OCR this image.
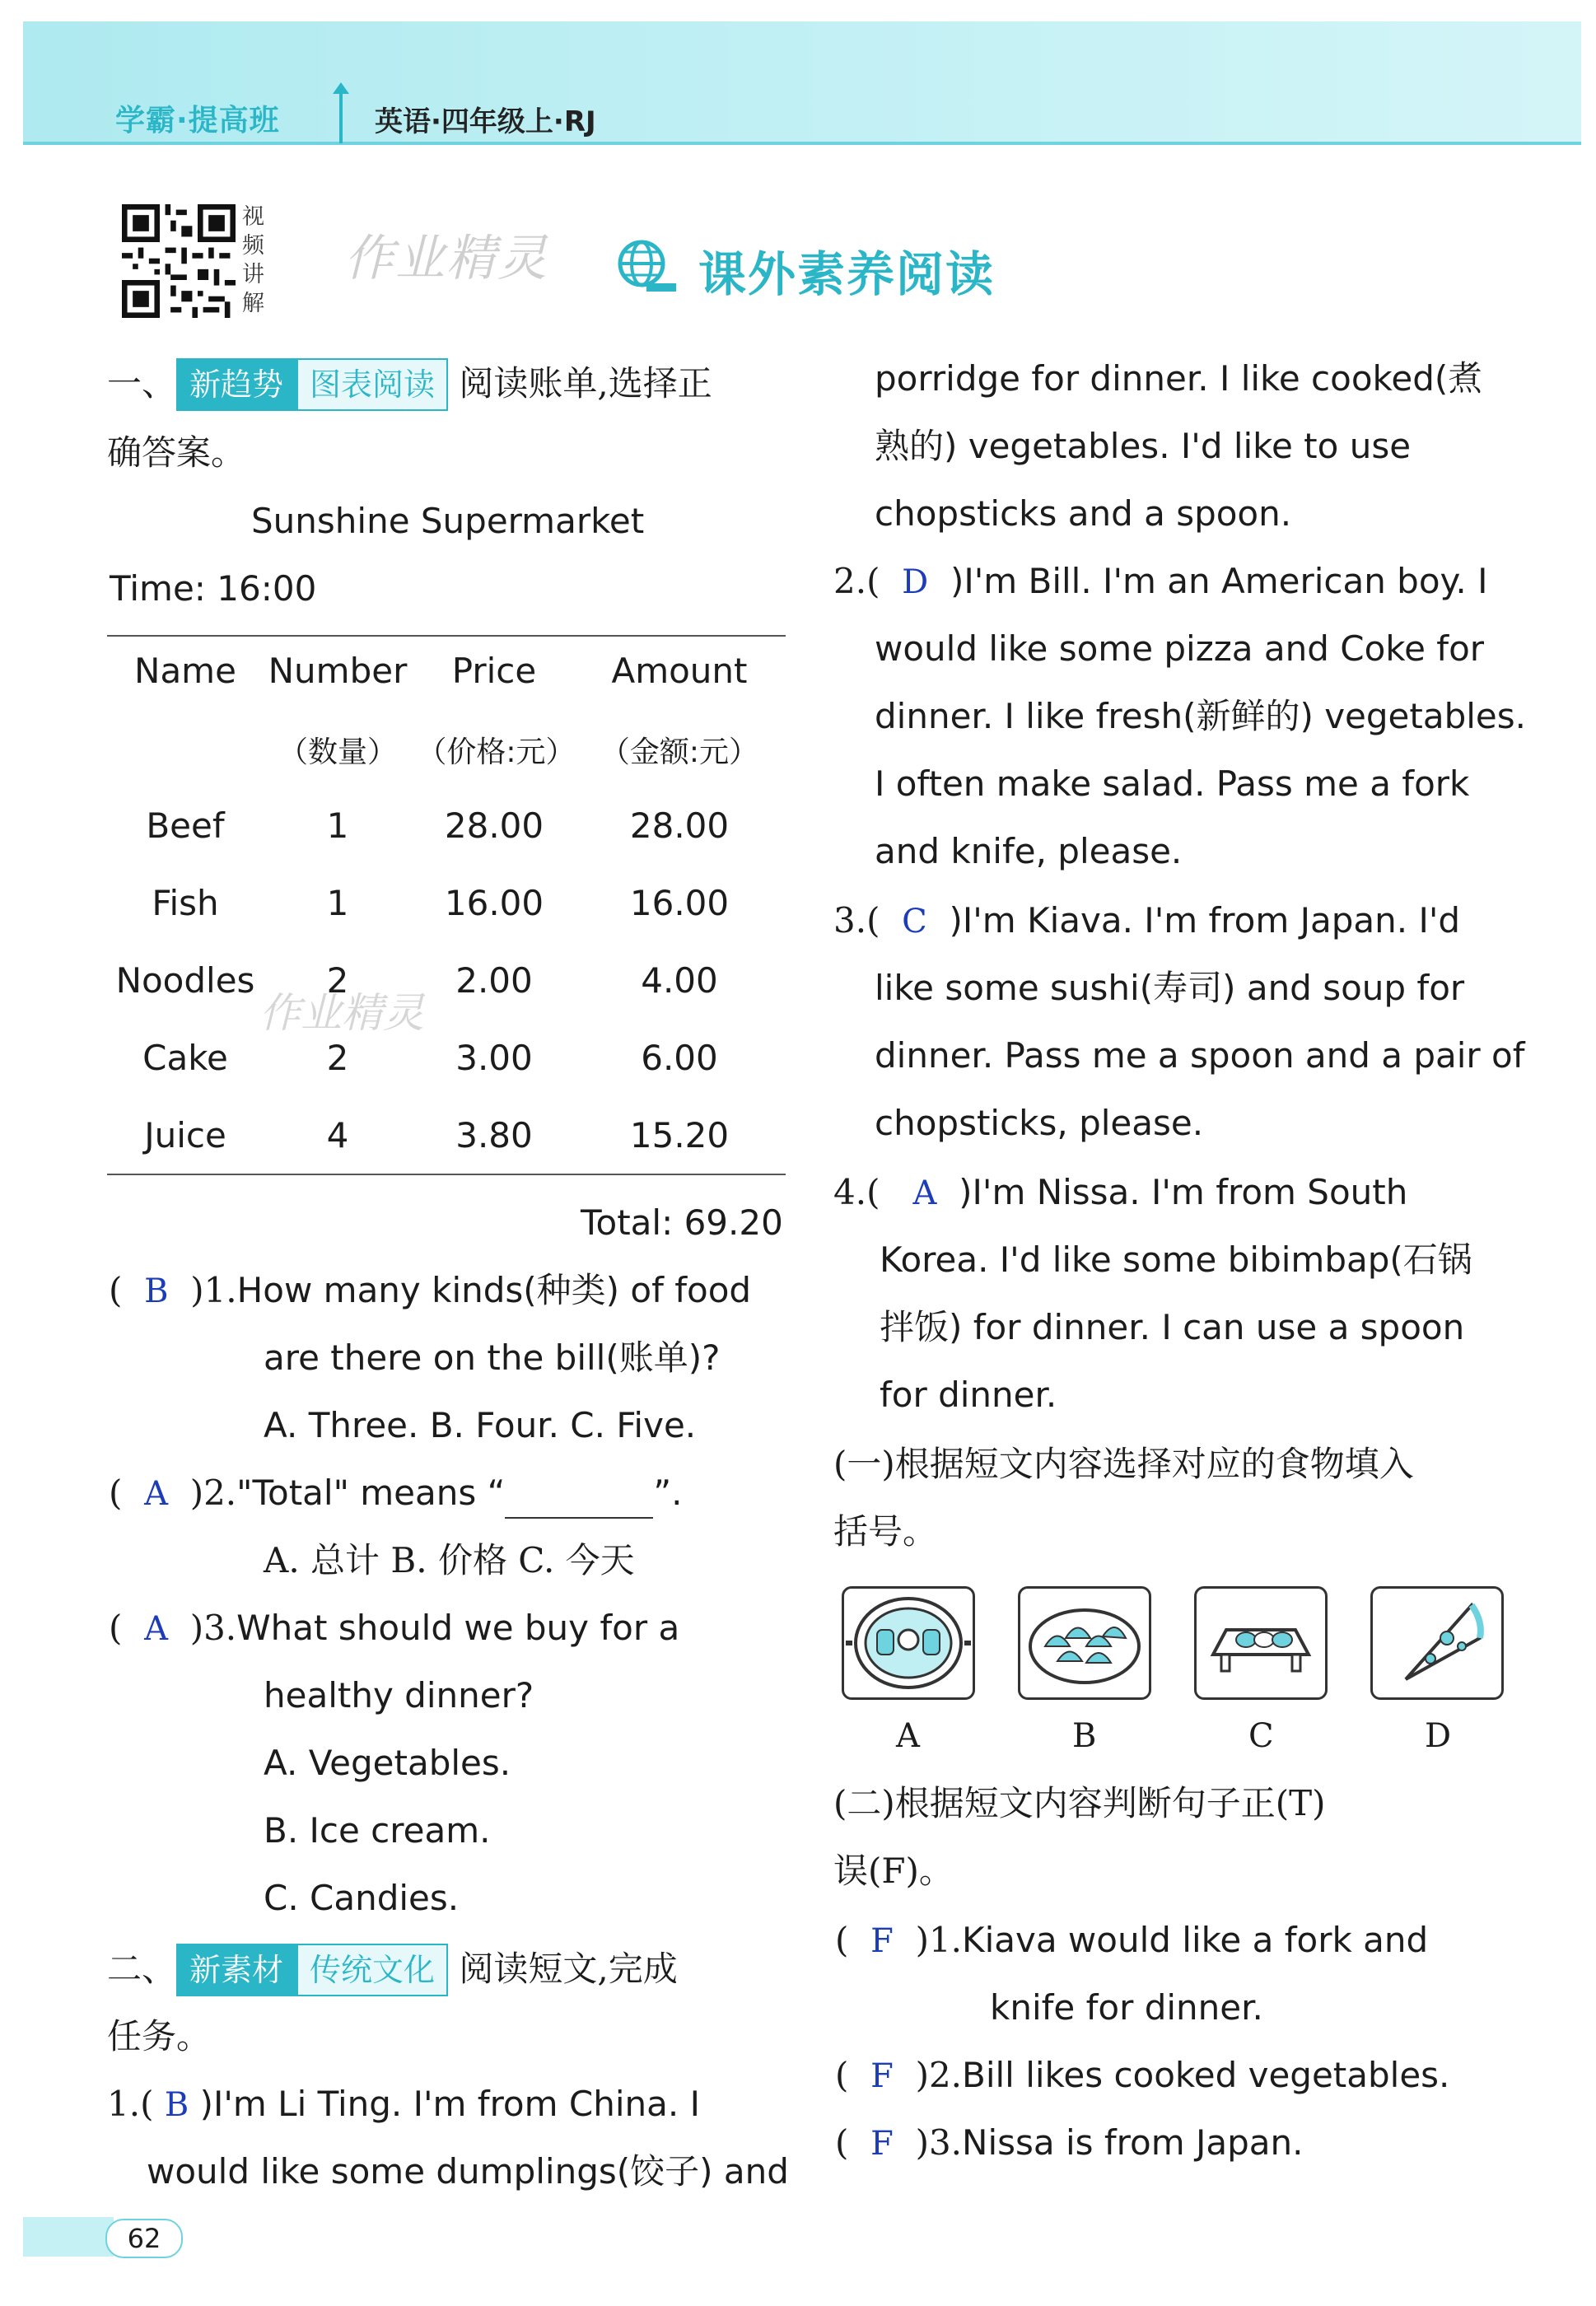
学霸·提高班	英语·四年级上·RJ
视频讲解
作业精灵	课外素养阅读
一、 新趋势 图表阅读 阅读账单,选择正
确答案。
Sunshine Supermarket
Time: 16:00
Name Number	Price	Amount
（数量） （价格:元） （金额:元）
Beef	1	28.00	28.00
Fish	1	16.00	16.00
Noodles	2	2.00	4.00
Cake	2	3.00	6.00
Juice	4	3.80	15.20
作业精灵
Total: 69.20
( B )1.How many kinds(种类) of food
are there on the bill(账单)?
A. Three. B. Four. C. Five.
( A )2."Total" means “	”.
A. 总计 B. 价格 C. 今天
( A )3.What should we buy for a
healthy dinner?
A. Vegetables.
B. Ice cream.
C. Candies.
二、 新素材 传统文化 阅读短文,完成
任务。
1.( B )I'm Li Ting. I'm from China. I
would like some dumplings(饺子) and
62
porridge for dinner. I like cooked(煮
熟的) vegetables. I'd like to use
chopsticks and a spoon.
2.( D )I'm Bill. I'm an American boy. I
would like some pizza and Coke for
dinner. I like fresh(新鲜的) vegetables.
I often make salad. Pass me a fork
and knife, please.
3.( C )I'm Kiava. I'm from Japan. I'd
like some sushi(寿司) and soup for
dinner. Pass me a spoon and a pair of
chopsticks, please.
4.( A )I'm Nissa. I'm from South
Korea. I'd like some bibimbap(石锅
拌饭) for dinner. I can use a spoon
for dinner.
(一)根据短文内容选择对应的食物填入
括号。
A	B	C	D
(二)根据短文内容判断句子正(T)
误(F)。
( F )1.Kiava would like a fork and
knife for dinner.
( F )2.Bill likes cooked vegetables.
( F )3.Nissa is from Japan.
